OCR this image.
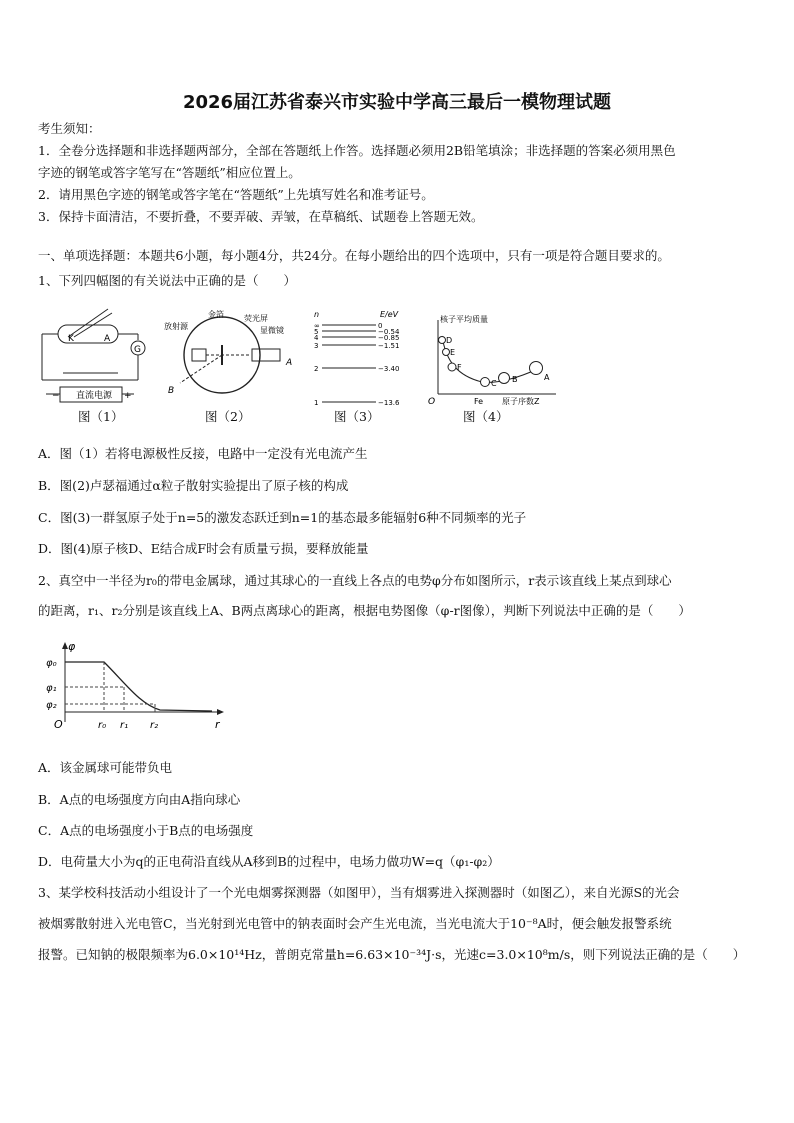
2026届江苏省泰兴市实验中学高三最后一模物理试题
考生须知：
1．全卷分选择题和非选择题两部分，全部在答题纸上作答。选择题必须用2B铅笔填涂；非选择题的答案必须用黑色
字迹的钢笔或答字笔写在“答题纸”相应位置上。
2．请用黑色字迹的钢笔或答字笔在“答题纸”上先填写姓名和准考证号。
3．保持卡面清洁，不要折叠，不要弄破、弄皱，在草稿纸、试题卷上答题无效。
一、单项选择题：本题共6小题，每小题4分，共24分。在每小题给出的四个选项中，只有一项是符合题目要求的。
1、下列四幅图的有关说法中正确的是（　　）
K	A
G
直流电源
−	+
图（1）
放射源
金箔	荧光屏
显微镜
A
B
图（2）
n	E/eV
∞	0
5	−0.54
4	−0.85
3	−1.51
2	−3.40
1	−13.6
图（3）
核子平均质量
原子序数Z
O	Fe
D
E
F
C B	A
图（4）
A．图（1）若将电源极性反接，电路中一定没有光电流产生
B．图(2)卢瑟福通过α粒子散射实验提出了原子核的构成
C．图(3)一群氢原子处于n=5的激发态跃迁到n=1的基态最多能辐射6种不同频率的光子
D．图(4)原子核D、E结合成F时会有质量亏损，要释放能量
2、真空中一半径为r₀的带电金属球，通过其球心的一直线上各点的电势φ分布如图所示，r表示该直线上某点到球心
的距离，r₁、r₂分别是该直线上A、B两点离球心的距离，根据电势图像（φ-r图像），判断下列说法中正确的是（　　）
φ
φ₀
φ₁
φ₂
O	r₀ r₁ r₂	r
A．该金属球可能带负电
B．A点的电场强度方向由A指向球心
C．A点的电场强度小于B点的电场强度
D．电荷量大小为q的正电荷沿直线从A移到B的过程中，电场力做功W=q（φ₁-φ₂）
3、某学校科技活动小组设计了一个光电烟雾探测器（如图甲），当有烟雾进入探测器时（如图乙），来自光源S的光会
被烟雾散射进入光电管C，当光射到光电管中的钠表面时会产生光电流，当光电流大于10⁻⁸A时，便会触发报警系统
报警。已知钠的极限频率为6.0×10¹⁴Hz，普朗克常量h=6.63×10⁻³⁴J·s，光速c=3.0×10⁸m/s，则下列说法正确的是（　　）
